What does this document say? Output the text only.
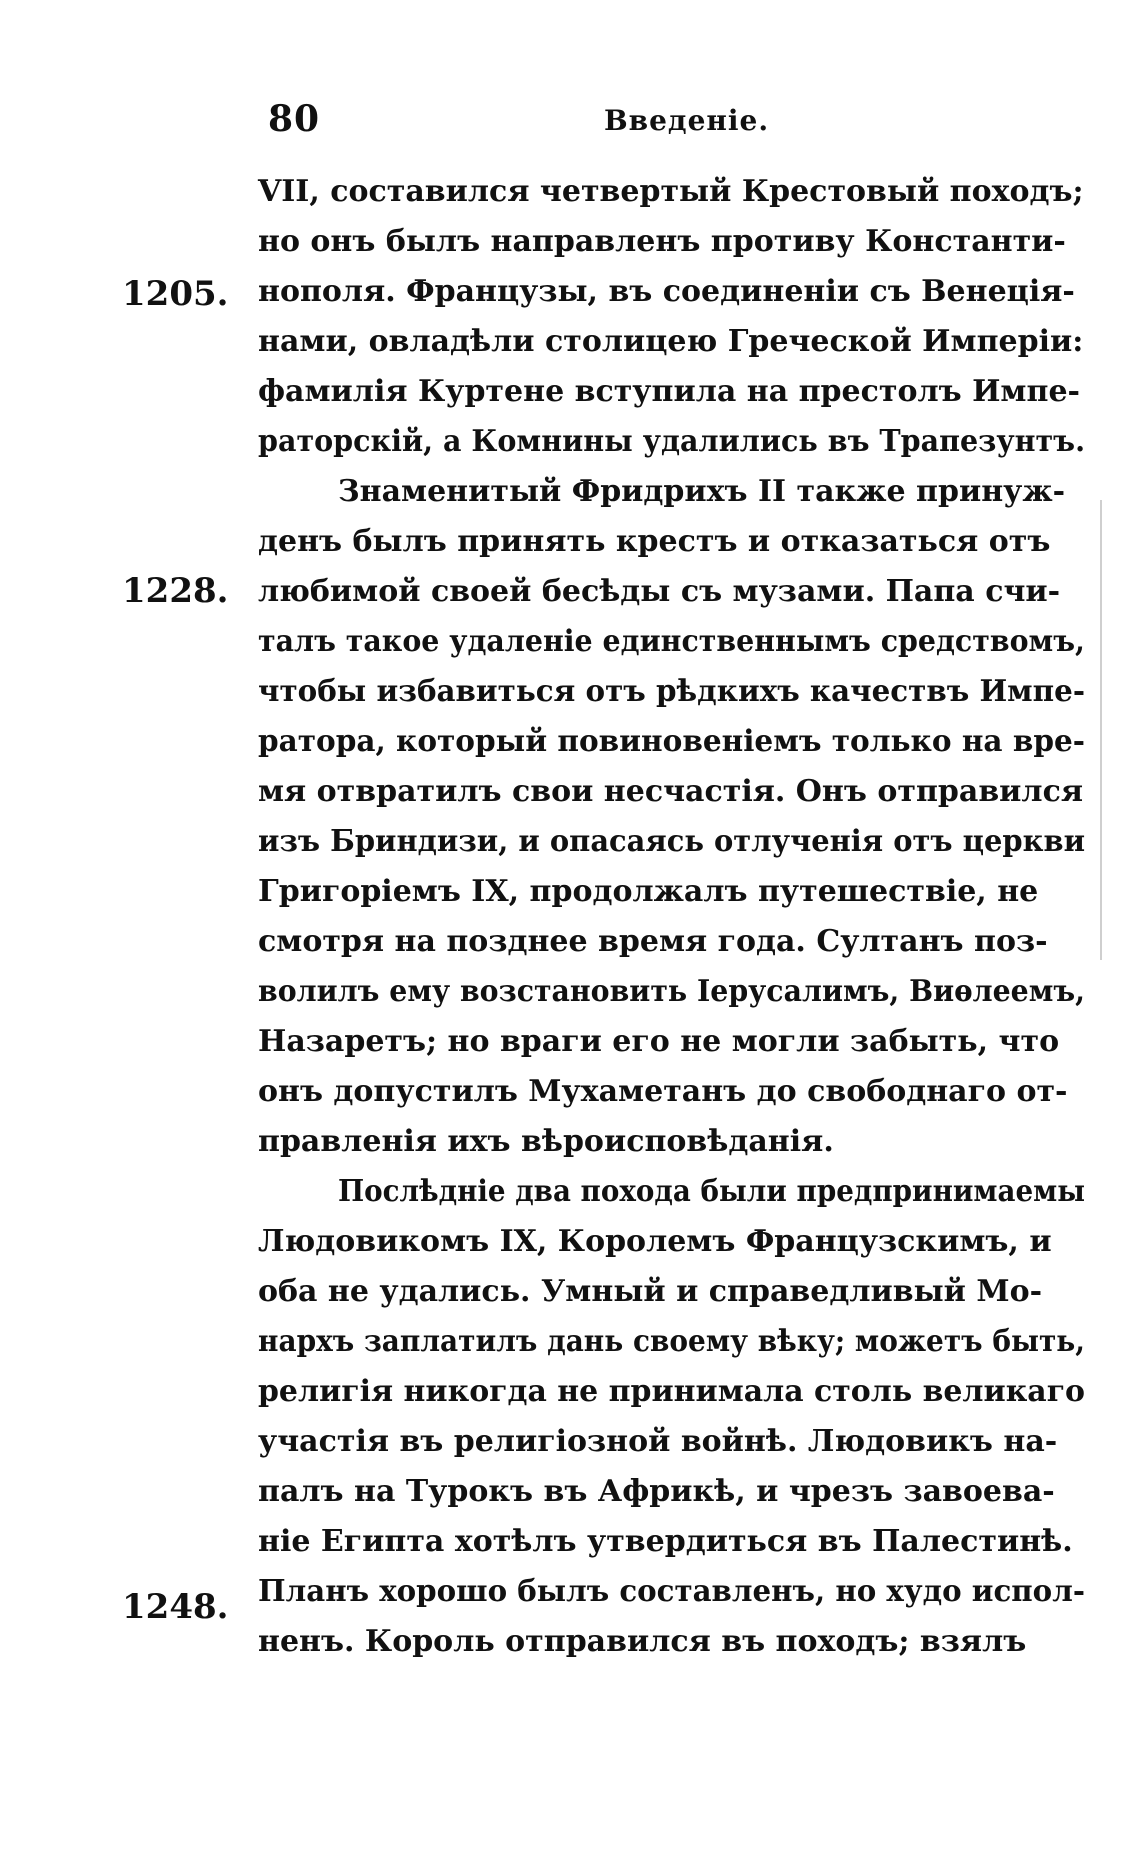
80	Введеніе.
1205.
1228.
1248.
VII, составился четвертый Крестовый походъ;
но онъ былъ направленъ противу Константи-
нополя. Французы, въ соединеніи съ Венеція-
нами, овладѣли столицею Греческой Имперіи:
фамилія Куртене вступила на престолъ Импе-
раторскій, а Комнины удалились въ Трапезунтъ.
Знаменитый Фридрихъ II также принуж-
денъ былъ принять крестъ и отказаться отъ
любимой своей бесѣды съ музами. Папа счи-
талъ такое удаленіе единственнымъ средствомъ,
чтобы избавиться отъ рѣдкихъ качествъ Импе-
ратора, который повиновеніемъ только на вре-
мя отвратилъ свои несчастія. Онъ отправился
изъ Бриндизи, и опасаясь отлученія отъ церкви
Григоріемъ IX, продолжалъ путешествіе, не
смотря на позднее время года. Султанъ поз-
волилъ ему возстановить Іерусалимъ, Виѳлеемъ,
Назаретъ; но враги его не могли забыть, что
онъ допустилъ Мухаметанъ до свободнаго от-
правленія ихъ вѣроисповѣданія.
Послѣдніе два похода были предпринимаемы
Людовикомъ IX, Королемъ Французскимъ, и
оба не удались. Умный и справедливый Мо-
нархъ заплатилъ дань своему вѣку; можетъ быть,
религія никогда не принимала столь великаго
участія въ религіозной войнѣ. Людовикъ на-
палъ на Турокъ въ Африкѣ, и чрезъ завоева-
ніе Египта хотѣлъ утвердиться въ Палестинѣ.
Планъ хорошо былъ составленъ, но худо испол-
ненъ. Король отправился въ походъ; взялъ
